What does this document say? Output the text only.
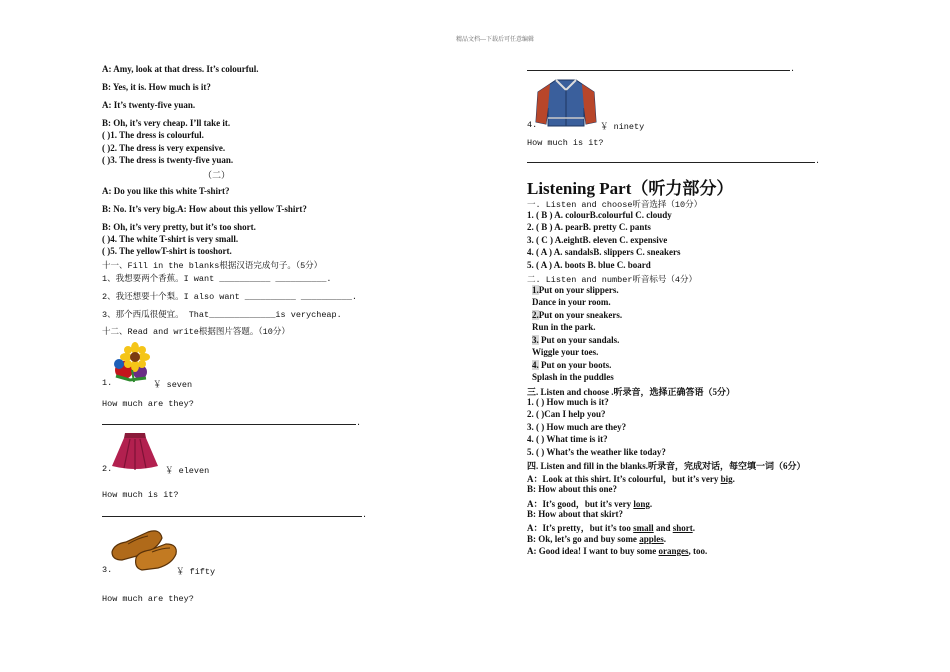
精品文档---下载后可任意编辑
A: Amy, look at that dress. It’s colourful.
B: Yes, it is. How much is it?
A: It’s twenty-five yuan.
B: Oh, it’s very cheap. I’ll take it.
( )1. The dress is colourful.
( )2. The dress is very expensive.
( )3. The dress is twenty-five yuan.
（二）
A: Do you like this white T-shirt?
B: No. It’s very big.A: How about this yellow T-shirt?
B: Oh, it’s very pretty, but it’s too short.
( )4. The white T-shirt is very small.
( )5. The yellowT-shirt is tooshort.
十一、Fill in the blanks根据汉语完成句子。（5分）
1、我想要两个香蕉。I want __________ __________.
2、我还想要十个梨。I also want __________ __________.
3、那个西瓜很便宜。 That_____________is verycheap.
十二、Read and write根据图片答题。（10分）
1.	￥ seven
How much are they?
.
2.	￥ eleven
How much is it?
.
3.	￥ fifty
How much are they?
.
4.	￥ ninety
How much is it?
.
Listening Part（听力部分）
一. Listen and choose听音选择（10分）
1. ( B ) A. colourB.colourful C. cloudy
2. ( B ) A. pearB. pretty C. pants
3. ( C ) A.eightB. eleven C. expensive
4. ( A ) A. sandalsB. slippers C. sneakers
5. ( A ) A. boots B. blue C. board
二. Listen and number听音标号（4分）
1.Put on your slippers.
Dance in your room.
2.Put on your sneakers.
Run in the park.
3. Put on your sandals.
Wiggle your toes.
4. Put on your boots.
Splash in the puddles
三. Listen and choose .听录音，选择正确答语（5分）
1. ( ) How much is it?
2. ( )Can I help you?
3. ( ) How much are they?
4. ( ) What time is it?
5. ( ) What’s the weather like today?
四. Listen and fill in the blanks.听录音，完成对话，每空填一词（6分）
A：Look at this shirt. It’s colourful，but it’s very big.
B: How about this one?
A：It’s good，but it’s very long.
B: How about that skirt?
A：It’s pretty，but it’s too small and short.
B: Ok, let’s go and buy some apples.
A: Good idea! I want to buy some oranges, too.
